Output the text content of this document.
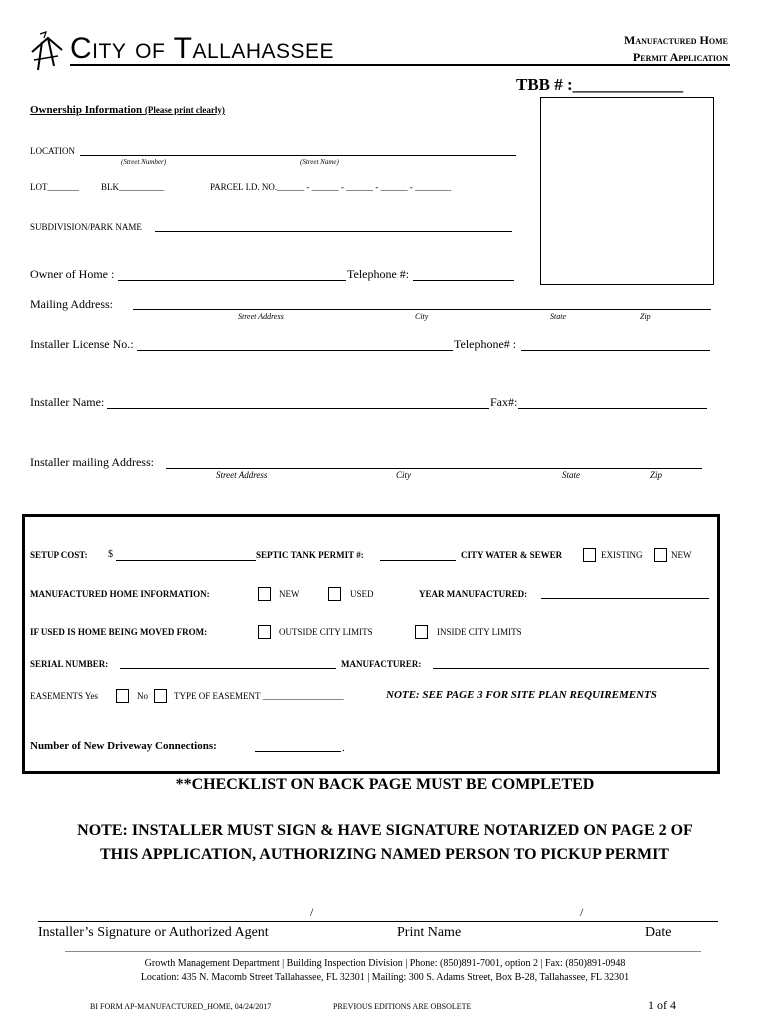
City of Tallahassee	Manufactured Home
Permit Application
TBB # :_____________
Ownership Information (Please print clearly)
LOCATION
(Street Number)	(Street Name)
LOT_______ BLK__________	PARCEL I.D. NO.______ - ______ - ______ - ______ - ________
SUBDIVISION/PARK NAME
Owner of Home :	Telephone #:
Mailing Address:
Street Address	City	State	Zip
Installer License No.:	Telephone# :
Installer Name:	Fax#:
Installer mailing Address:
Street Address	City	State	Zip
SETUP COST: $	SEPTIC TANK PERMIT #:	CITY WATER & SEWER	EXISTING	NEW
MANUFACTURED HOME INFORMATION:	NEW	USED	YEAR MANUFACTURED:
IF USED IS HOME BEING MOVED FROM:	OUTSIDE CITY LIMITS	INSIDE CITY LIMITS
SERIAL NUMBER:	MANUFACTURER:
EASEMENTS Yes	No	TYPE OF EASEMENT __________________	NOTE: SEE PAGE 3 FOR SITE PLAN REQUIREMENTS
Number of New Driveway Connections:	.
**CHECKLIST ON BACK PAGE MUST BE COMPLETED
NOTE: INSTALLER MUST SIGN & HAVE SIGNATURE NOTARIZED ON PAGE 2 OF
THIS APPLICATION, AUTHORIZING NAMED PERSON TO PICKUP PERMIT
/	/
Installer’s Signature or Authorized Agent	Print Name	Date
Growth Management Department | Building Inspection Division | Phone: (850)891-7001, option 2 | Fax: (850)891-0948
Location: 435 N. Macomb Street Tallahassee, FL 32301 | Mailing: 300 S. Adams Street, Box B-28, Tallahassee, FL 32301
BI FORM AP-MANUFACTURED_HOME, 04/24/2017	PREVIOUS EDITIONS ARE OBSOLETE	1 of 4
